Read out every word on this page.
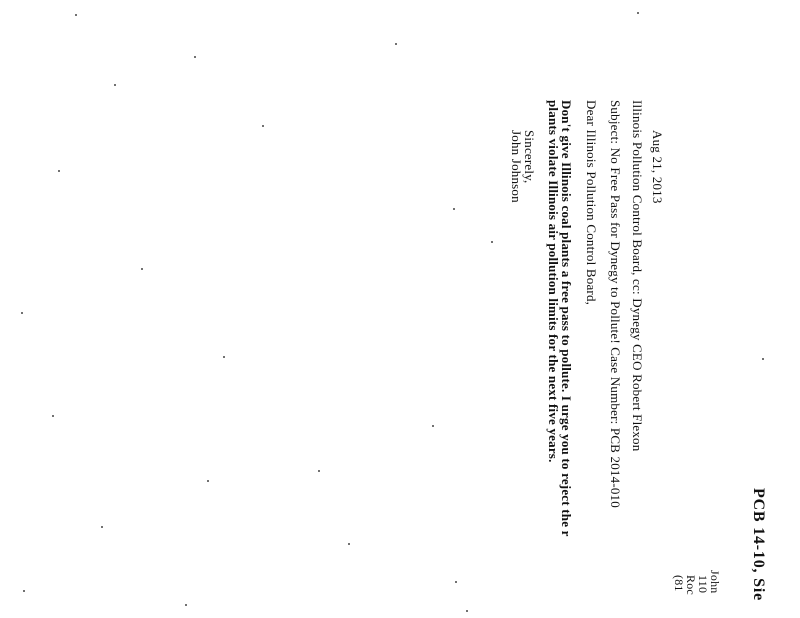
PCB 14-10, Sie
John
110
Roc
(81
Aug 21, 2013
Illinois Pollution Control Board, cc: Dynegy CEO Robert Flexon
Subject: No Free Pass for Dynegy to Pollute! Case Number: PCB 2014-010
Dear Illinois Pollution Control Board,
Don't give Illinois coal plants a free pass to pollute. I urge you to reject the r
plants violate Illinois air pollution limits for the next five years.
Sincerely,
John Johnson
